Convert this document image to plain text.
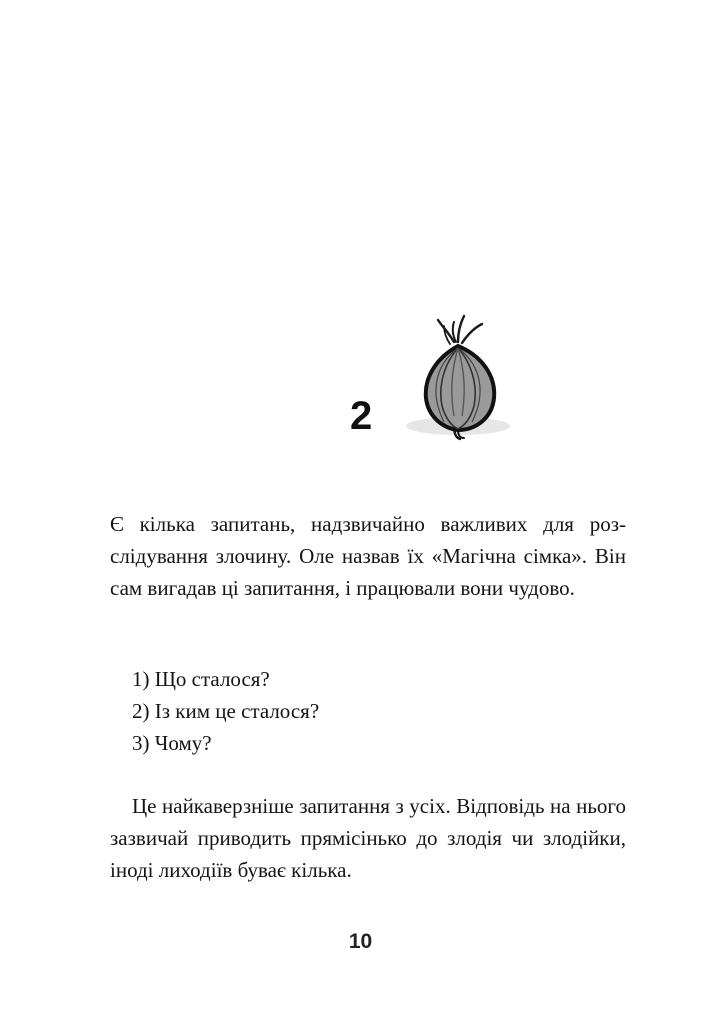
2

Є кілька запитань, надзвичайно важливих для розслідування злочину. Оле назвав їх «Магічна сімка». Він сам вигадав ці запитання, і працювали вони чудово.

1) Що сталося?
2) Із ким це сталося?
3) Чому?

Це найкаверзніше запитання з усіх. Відповідь на нього зазвичай приводить прямісінько до злодія чи злодійки, іноді лиходіїв буває кілька.

10
